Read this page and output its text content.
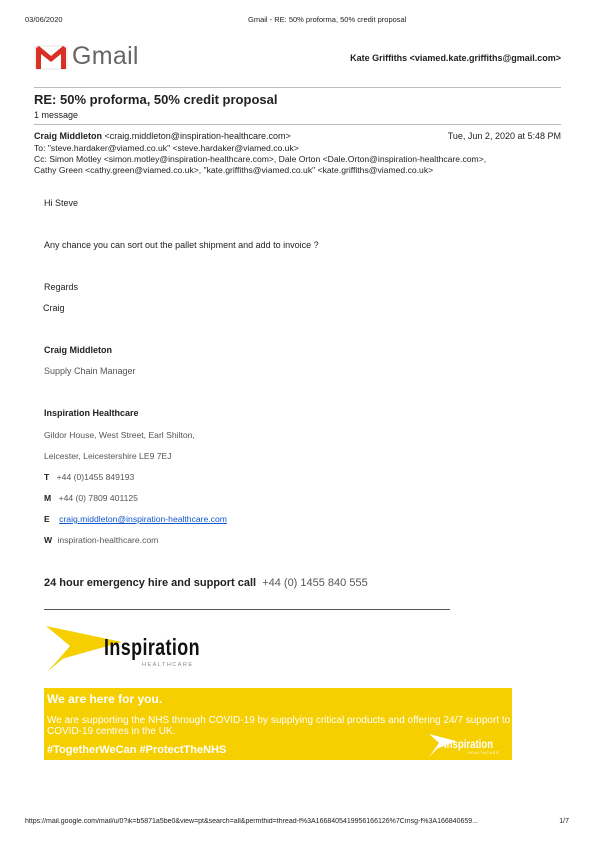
03/06/2020	Gmail - RE: 50% proforma, 50% credit proposal
Gmail	Kate Griffiths <viamed.kate.griffiths@gmail.com>
RE: 50% proforma, 50% credit proposal
1 message
Craig Middleton <craig.middleton@inspiration-healthcare.com>	Tue, Jun 2, 2020 at 5:48 PM
To: "steve.hardaker@viamed.co.uk" <steve.hardaker@viamed.co.uk>
Cc: Simon Motley <simon.motley@inspiration-healthcare.com>, Dale Orton <Dale.Orton@inspiration-healthcare.com>,
Cathy Green <cathy.green@viamed.co.uk>, "kate.griffiths@viamed.co.uk" <kate.griffiths@viamed.co.uk>
Hi Steve
Any chance you can sort out the pallet shipment and add to invoice ?
Regards
Craig
Craig Middleton
Supply Chain Manager
Inspiration Healthcare
Gildor House, West Street, Earl Shilton,
Leicester, Leicestershire LE9 7EJ
T +44 (0)1455 849193
M +44 (0) 7809 401125
E craig.middleton@inspiration-healthcare.com
W inspiration-healthcare.com
24 hour emergency hire and support call +44 (0) 1455 840 555
Inspiration
HEALTHCARE
We are here for you.
We are supporting the NHS through COVID-19 by supplying critical products and offering 24/7 support to COVID-19 centres in the UK.
#TogetherWeCan #ProtectTheNHS	Inspiration
HEALTHCARE
https://mail.google.com/mail/u/0?ik=b5871a5be0&view=pt&search=all&permthid=thread-f%3A1668405419956166126%7Cmsg-f%3A166840659...	1/7
